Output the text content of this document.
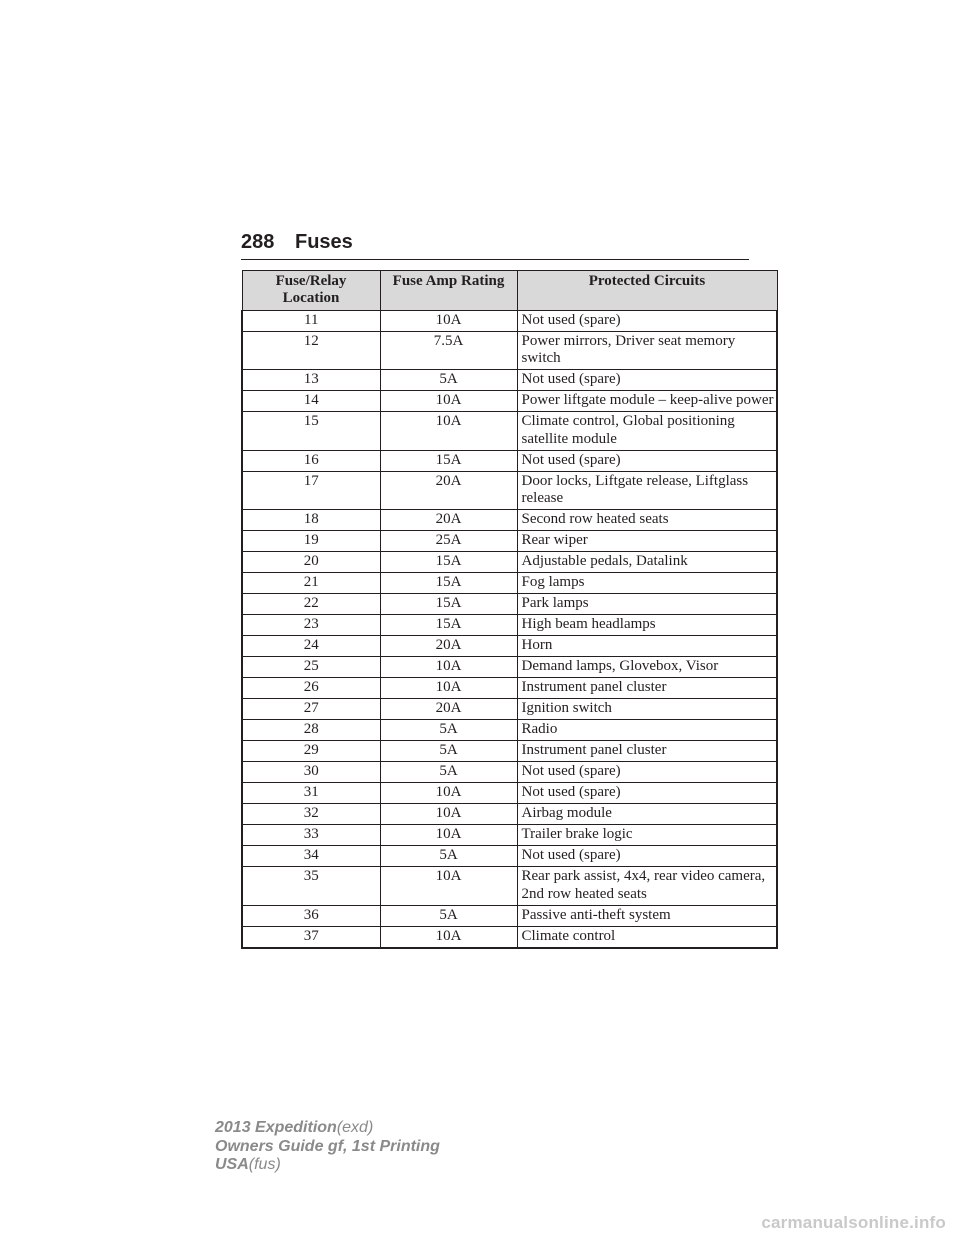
288 Fuses
Fuse/Relay Location	Fuse Amp Rating	Protected Circuits
11	10A	Not used (spare)
12	7.5A	Power mirrors, Driver seat memory switch
13	5A	Not used (spare)
14	10A	Power liftgate module – keep-alive power
15	10A	Climate control, Global positioning satellite module
16	15A	Not used (spare)
17	20A	Door locks, Liftgate release, Liftglass release
18	20A	Second row heated seats
19	25A	Rear wiper
20	15A	Adjustable pedals, Datalink
21	15A	Fog lamps
22	15A	Park lamps
23	15A	High beam headlamps
24	20A	Horn
25	10A	Demand lamps, Glovebox, Visor
26	10A	Instrument panel cluster
27	20A	Ignition switch
28	5A	Radio
29	5A	Instrument panel cluster
30	5A	Not used (spare)
31	10A	Not used (spare)
32	10A	Airbag module
33	10A	Trailer brake logic
34	5A	Not used (spare)
35	10A	Rear park assist, 4x4, rear video camera, 2nd row heated seats
36	5A	Passive anti-theft system
37	10A	Climate control
2013 Expedition(exd)
Owners Guide gf, 1st Printing
USA(fus)
carmanualsonline.info
